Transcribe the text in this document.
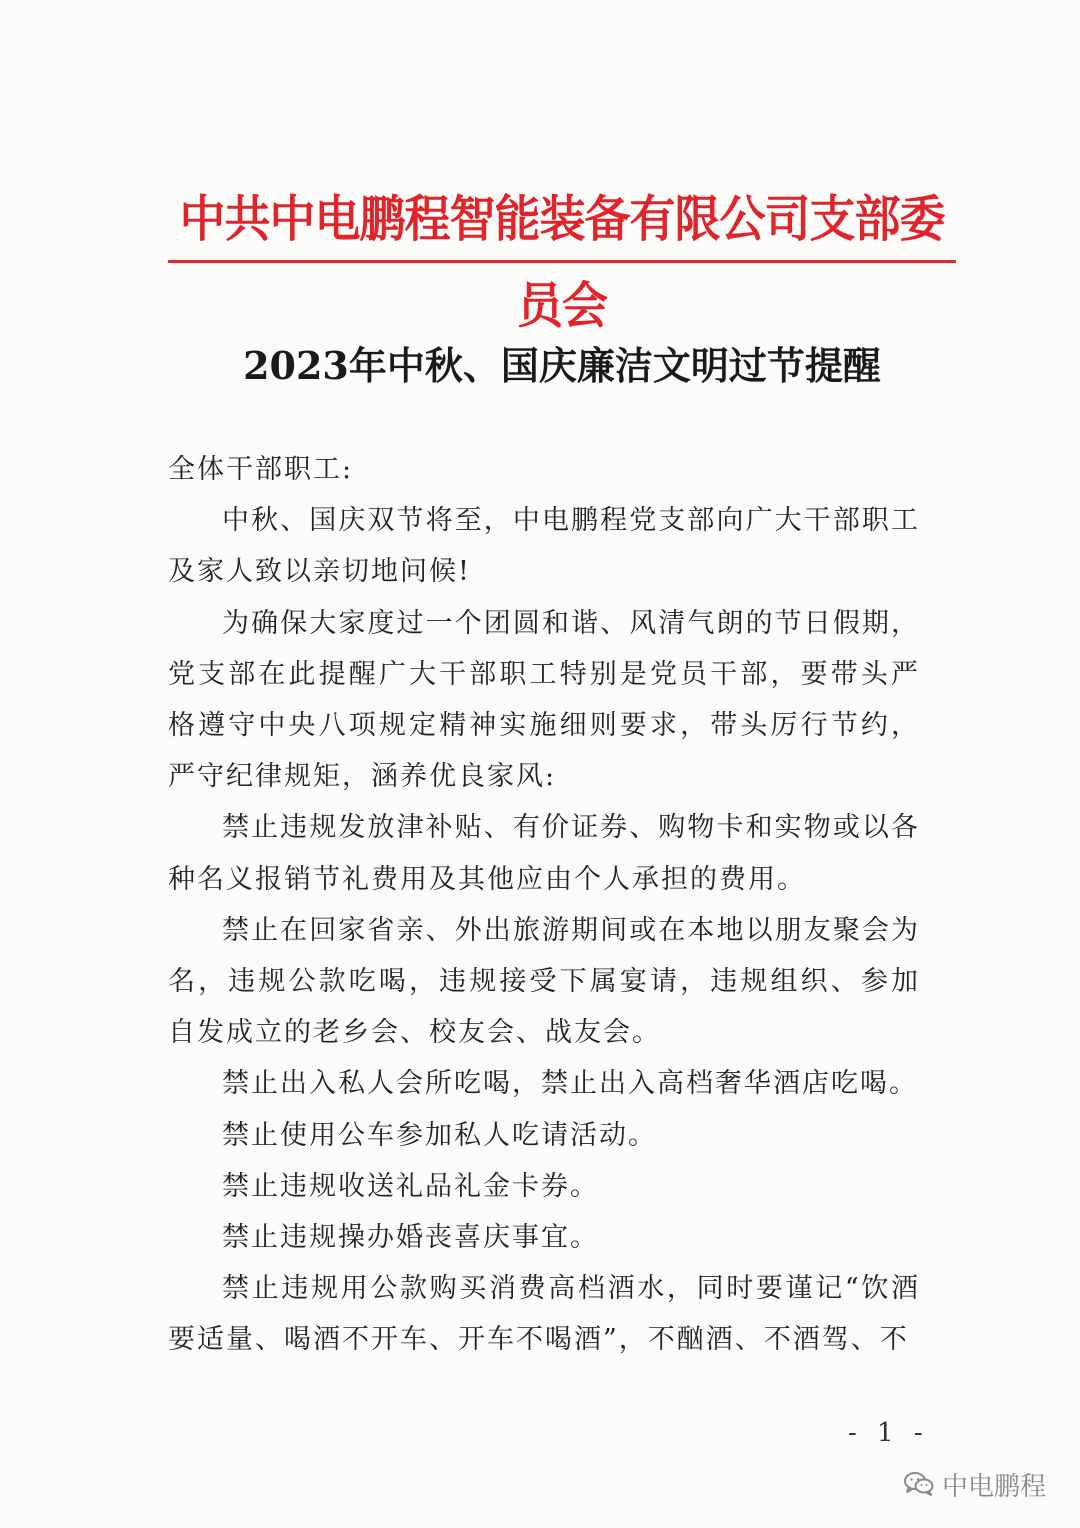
中共中电鹏程智能装备有限公司支部委员会
2023年中秋、国庆廉洁文明过节提醒

全体干部职工:

中秋、国庆双节将至，中电鹏程党支部向广大干部职工及家人致以亲切地问候!

为确保大家度过一个团圆和谐、风清气朗的节日假期，党支部在此提醒广大干部职工特别是党员干部，要带头严格遵守中央八项规定精神实施细则要求，带头厉行节约，严守纪律规矩，涵养优良家风:

禁止违规发放津补贴、有价证券、购物卡和实物或以各种名义报销节礼费用及其他应由个人承担的费用。

禁止在回家省亲、外出旅游期间或在本地以朋友聚会为名，违规公款吃喝，违规接受下属宴请，违规组织、参加自发成立的老乡会、校友会、战友会。

禁止出入私人会所吃喝，禁止出入高档奢华酒店吃喝。

禁止使用公车参加私人吃请活动。

禁止违规收送礼品礼金卡券。

禁止违规操办婚丧喜庆事宜。

禁止违规用公款购买消费高档酒水，同时要谨记“饮酒要适量、喝酒不开车、开车不喝酒”，不酗酒、不酒驾、不

- 1 -
中电鹏程
